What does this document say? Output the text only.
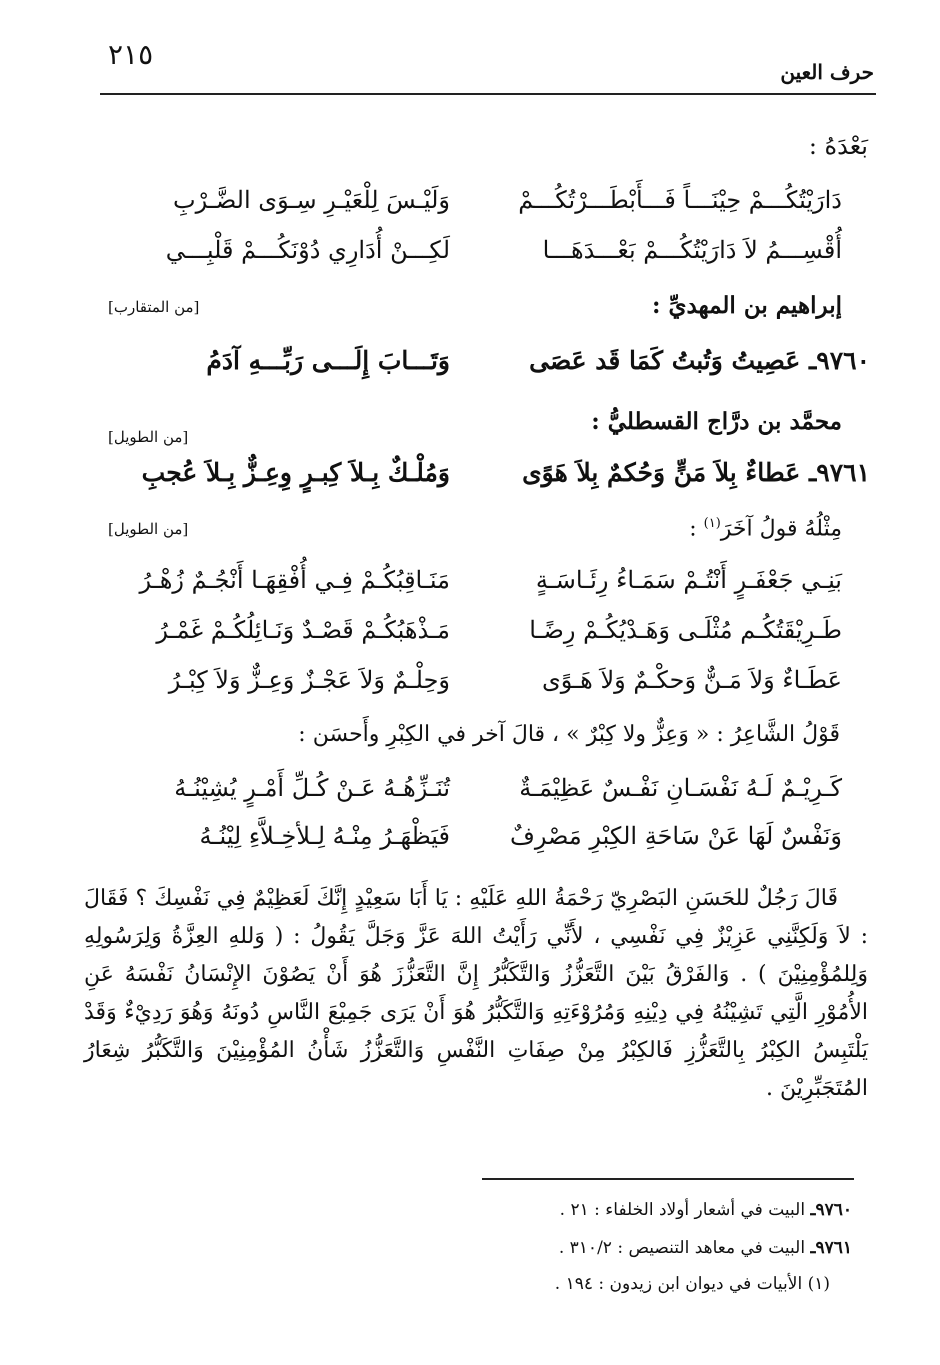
٢١٥
حرف العين
بَعْدَهُ :
دَارَيْتُكُـــمْ حِيْنَـــاً فَـــأَبْطَـــرْتُكُـــمْ
وَلَيْـسَ لِلْعَيْـرِ سِـوَى الضَّـرْبِ
أُقْسِـــمُ لاَ دَارَيْتُكُـــمْ بَعْـــدَهَـــا
لَكِـــنْ أُدَارِي دُوْنَكُـــمْ قَلْبِـــي
إبراهيم بن المهديِّ :
[من المتقارب]
٩٧٦٠ـ عَصِيتُ وَتُبتُ كَمَا قَد عَصَى
وَتَـــابَ إِلَـــى رَبِّـــهِ آدَمُ
محمَّد بن درَّاج القسطليُّ :
[من الطويل]
٩٧٦١ـ عَطاءٌ بِلاَ مَنٍّ وَحُكمٌ بِلاَ هَوًى
وَمُلْـكٌ بِـلاَ كِبـرٍ وِعِـزٌّ بِـلاَ عُجبِ
مِثْلُهُ قولُ آخَرَ$^{(١)}$ :
[من الطويل]
بَنِـي جَعْفَـرٍ أَنْتُـمْ سَمَـاءُ رِئَـاسَـةٍ
مَنَـاقِبُكُـمْ فِـي أُفْقِهَـا أَنْجُـمٌ زُهْـرُ
طَـرِيْقَتُكُـم مُثْلَـى وَهَـدْيُكُـمْ رِضًـا
مَـذْهَبُكُـمْ قَصْـدٌ وَنَـائِلُكُـمْ غَمْـرُ
عَطَـاءٌ وَلاَ مَـنٌّ وَحكْـمٌ وَلاَ هَـوًى
وَحِلْـمٌ وَلاَ عَجْـزٌ وَعِـزٌّ وَلاَ كِبْـرُ
قَوْلُ الشَّاعِرُ : « وَعِزٌّ ولا كِبْرٌ » ، قالَ آخر في الكِبْرِ وأَحسَن :
كَـرِيْـمٌ لَـهُ نَفْسَـانِ نَفْـسٌ عَظِيْمَـةٌ
تُنَـزِّهُـهُ عَـنْ كُـلِّ أَمْـرٍ يُشِيْنُـهُ
وَنَفْسٌ لَهَا عَنْ سَاحَةِ الكِبْرِ مَصْرِفٌ
فَيَظْهَـرُ مِنْـهُ لِـلأخِـلاَّءِ لِيْنُـهُ
قَالَ رَجُلٌ للحَسَنِ البَصْرِيّ رَحْمَةُ اللهِ عَلَيْهِ : يَا أَبَا سَعِيْدٍ إِنَّكَ لَعَظِيْمٌ فِي نَفْسِكَ ؟ فَقَالَ : لاَ وَلَكِنَّنِي عَزِيْزٌ فِي نَفْسِي ، لأَنِّي رَأَيْتُ اللهَ عَزَّ وَجَلَّ يَقُولُ : ( وَللهِ العِزَّةُ وَلِرَسُولِهِ وَلِلمُؤْمِنِيْنَ ) . وَالفَرْقُ بَيْنَ التَّعَزُّزُ وَالتَّكَبُّرُ إِنَّ التَّعَزُّزَ هُوَ أَنْ يَصُوْنَ الإِنْسَانُ نَفْسَهُ عَنِ الأُمُوْرِ الَّتِي تَشِيْنُهُ فِي دِيْنِهِ وَمُرُوْءَتِهِ وَالتَّكَبُّرُ هُوَ أَنْ يَرَى جَمِيْعَ النَّاسِ دُونَهُ وَهُوَ رَدِيْءٌ وَقَدْ يَلْتَبِسُ الكِبْرُ بِالتَّعَزُّزِ فَالكِبْرُ مِنْ صِفَاتِ النَّفْسِ وَالتَّعَزُّزُ شَأْنُ المُؤْمِنِيْنَ وَالتَّكَبُّرُ شِعَارُ المُتَجَبِّرِيْنَ .
٩٧٦٠ـ البيت في أشعار أولاد الخلفاء : ٢١ .
٩٧٦١ـ البيت في معاهد التنصيص : ٣١٠/٢ .
(١) الأبيات في ديوان ابن زيدون : ١٩٤ .
